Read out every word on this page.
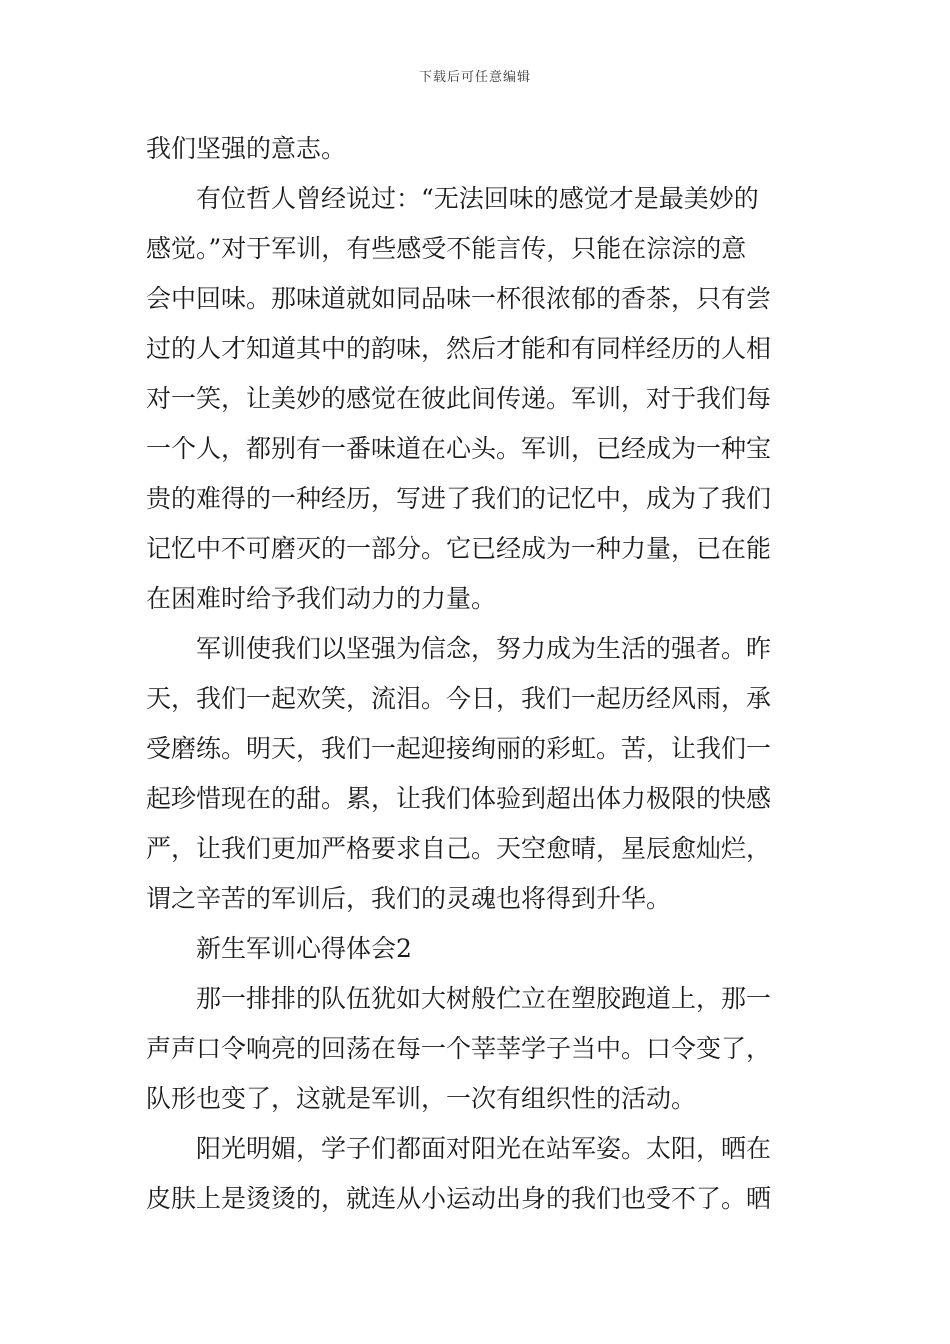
下载后可任意编辑
我们坚强的意志。
有位哲人曾经说过：“无法回味的感觉才是最美妙的
感觉。”对于军训，有些感受不能言传，只能在淙淙的意
会中回味。那味道就如同品味一杯很浓郁的香茶，只有尝
过的人才知道其中的韵味，然后才能和有同样经历的人相
对一笑，让美妙的感觉在彼此间传递。军训，对于我们每
一个人，都别有一番味道在心头。军训，已经成为一种宝
贵的难得的一种经历，写进了我们的记忆中，成为了我们
记忆中不可磨灭的一部分。它已经成为一种力量，已在能
在困难时给予我们动力的力量。
军训使我们以坚强为信念，努力成为生活的强者。昨
天，我们一起欢笑，流泪。今日，我们一起历经风雨，承
受磨练。明天，我们一起迎接绚丽的彩虹。苦，让我们一
起珍惜现在的甜。累，让我们体验到超出体力极限的快感
严，让我们更加严格要求自己。天空愈晴，星辰愈灿烂，
谓之辛苦的军训后，我们的灵魂也将得到升华。
新生军训心得体会2
那一排排的队伍犹如大树般伫立在塑胶跑道上，那一
声声口令响亮的回荡在每一个莘莘学子当中。口令变了，
队形也变了，这就是军训，一次有组织性的活动。
阳光明媚，学子们都面对阳光在站军姿。太阳，晒在
皮肤上是烫烫的，就连从小运动出身的我们也受不了。晒
